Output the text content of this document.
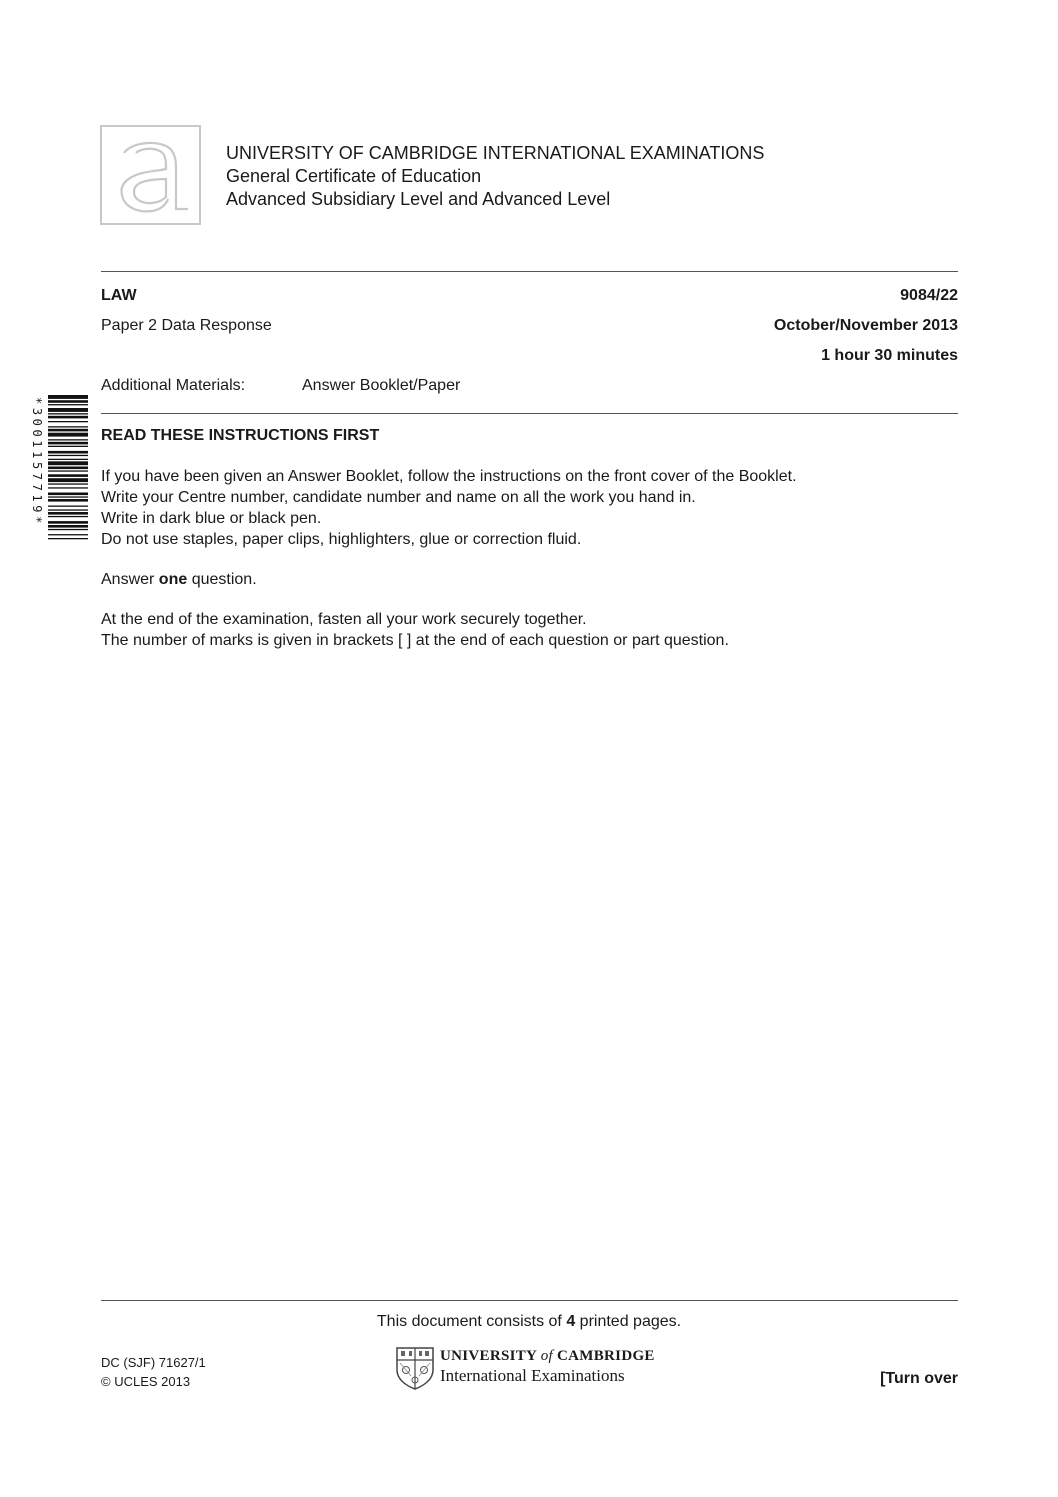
UNIVERSITY OF CAMBRIDGE INTERNATIONAL EXAMINATIONS
General Certificate of Education
Advanced Subsidiary Level and Advanced Level
LAW	9084/22
Paper 2 Data Response	October/November 2013
1 hour 30 minutes
Additional Materials:	Answer Booklet/Paper
*3001157719*	READ THESE INSTRUCTIONS FIRST
If you have been given an Answer Booklet, follow the instructions on the front cover of the Booklet.
Write your Centre number, candidate number and name on all the work you hand in.
Write in dark blue or black pen.
Do not use staples, paper clips, highlighters, glue or correction fluid.
Answer one question.
At the end of the examination, fasten all your work securely together.
The number of marks is given in brackets [ ] at the end of each question or part question.
This document consists of 4 printed pages.
DC (SJF) 71627/1
© UCLES 2013
UNIVERSITY of CAMBRIDGE
International Examinations	[Turn over
